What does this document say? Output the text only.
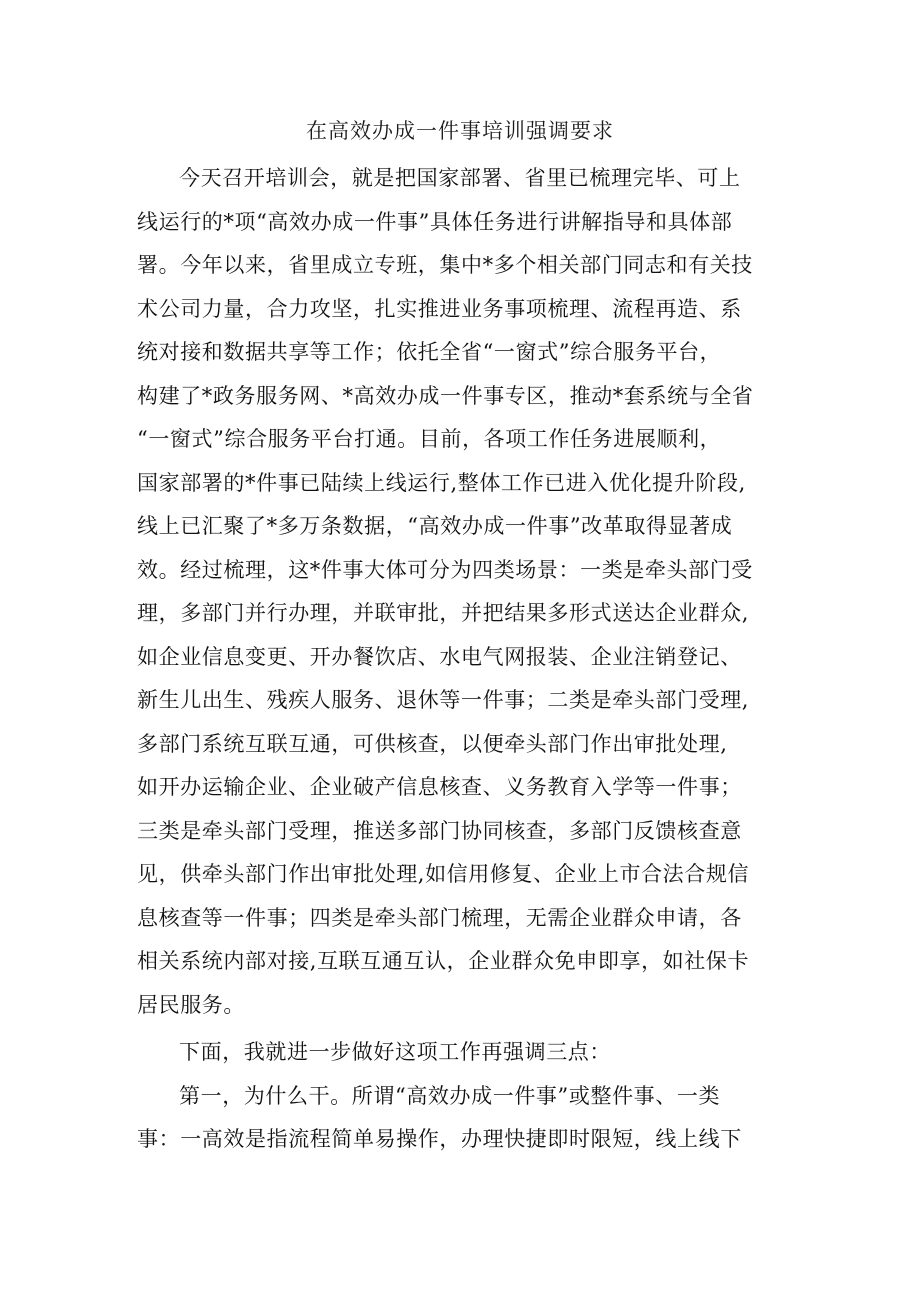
在高效办成一件事培训强调要求

今天召开培训会，就是把国家部署、省里已梳理完毕、可上

线运行的*项“高效办成一件事”具体任务进行讲解指导和具体部

署。今年以来，省里成立专班，集中*多个相关部门同志和有关技

术公司力量，合力攻坚，扎实推进业务事项梳理、流程再造、系

统对接和数据共享等工作；依托全省“一窗式”综合服务平台，

构建了*政务服务网、*高效办成一件事专区，推动*套系统与全省

“一窗式”综合服务平台打通。目前，各项工作任务进展顺利，

国家部署的*件事已陆续上线运行,整体工作已进入优化提升阶段,

线上已汇聚了*多万条数据，“高效办成一件事”改革取得显著成

效。经过梳理，这*件事大体可分为四类场景：一类是牵头部门受

理，多部门并行办理，并联审批，并把结果多形式送达企业群众,

如企业信息变更、开办餐饮店、水电气网报装、企业注销登记、

新生儿出生、残疾人服务、退休等一件事；二类是牵头部门受理,

多部门系统互联互通，可供核查，以便牵头部门作出审批处理,

如开办运输企业、企业破产信息核查、义务教育入学等一件事；

三类是牵头部门受理，推送多部门协同核查，多部门反馈核查意

见，供牵头部门作出审批处理,如信用修复、企业上市合法合规信

息核查等一件事；四类是牵头部门梳理，无需企业群众申请，各

相关系统内部对接,互联互通互认，企业群众免申即享，如社保卡

居民服务。

下面，我就进一步做好这项工作再强调三点：

第一，为什么干。所谓“高效办成一件事”或整件事、一类

事：一高效是指流程简单易操作，办理快捷即时限短，线上线下
